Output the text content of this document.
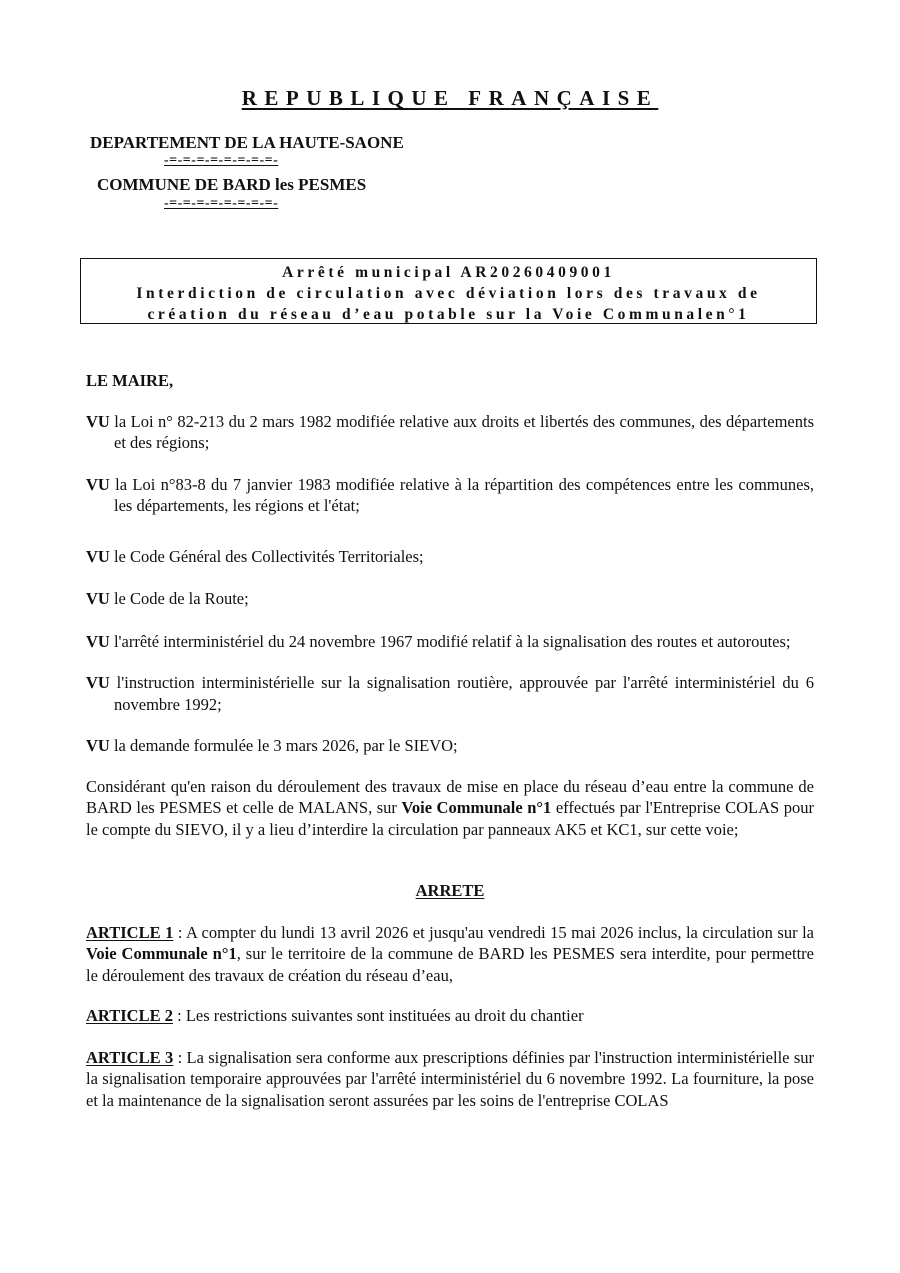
REPUBLIQUE FRANÇAISE
DEPARTEMENT DE LA HAUTE-SAONE
-=-=-=-=-=-=-=-=-
COMMUNE DE BARD les PESMES
-=-=-=-=-=-=-=-=-
Arrêté municipal AR20260409001
Interdiction de circulation avec déviation lors des travaux de
création du réseau d’eau potable sur la Voie Communalen°1

LE MAIRE,

VU la Loi n° 82-213 du 2 mars 1982 modifiée relative aux droits et libertés des communes, des départements et des régions;

VU la Loi n°83-8 du 7 janvier 1983 modifiée relative à la répartition des compétences entre les communes, les départements, les régions et l'état;

VU le Code Général des Collectivités Territoriales;

VU le Code de la Route;

VU l'arrêté interministériel du 24 novembre 1967 modifié relatif à la signalisation des routes et autoroutes;

VU l'instruction interministérielle sur la signalisation routière, approuvée par l'arrêté interministériel du 6 novembre 1992;

VU la demande formulée le 3 mars 2026, par le SIEVO;

Considérant qu'en raison du déroulement des travaux de mise en place du réseau d’eau entre la commune de BARD les PESMES et celle de MALANS, sur Voie Communale n°1 effectués par l'Entreprise COLAS pour le compte du SIEVO, il y a lieu d’interdire la circulation par panneaux AK5 et KC1, sur cette voie;

ARRETE

ARTICLE 1 : A compter du lundi 13 avril 2026 et jusqu'au vendredi 15 mai 2026 inclus, la circulation sur la Voie Communale n°1, sur le territoire de la commune de BARD les PESMES sera interdite, pour permettre le déroulement des travaux de création du réseau d’eau,

ARTICLE 2 : Les restrictions suivantes sont instituées au droit du chantier

ARTICLE 3 : La signalisation sera conforme aux prescriptions définies par l'instruction interministérielle sur la signalisation temporaire approuvées par l'arrêté interministériel du 6 novembre 1992. La fourniture, la pose et la maintenance de la signalisation seront assurées par les soins de l'entreprise COLAS
